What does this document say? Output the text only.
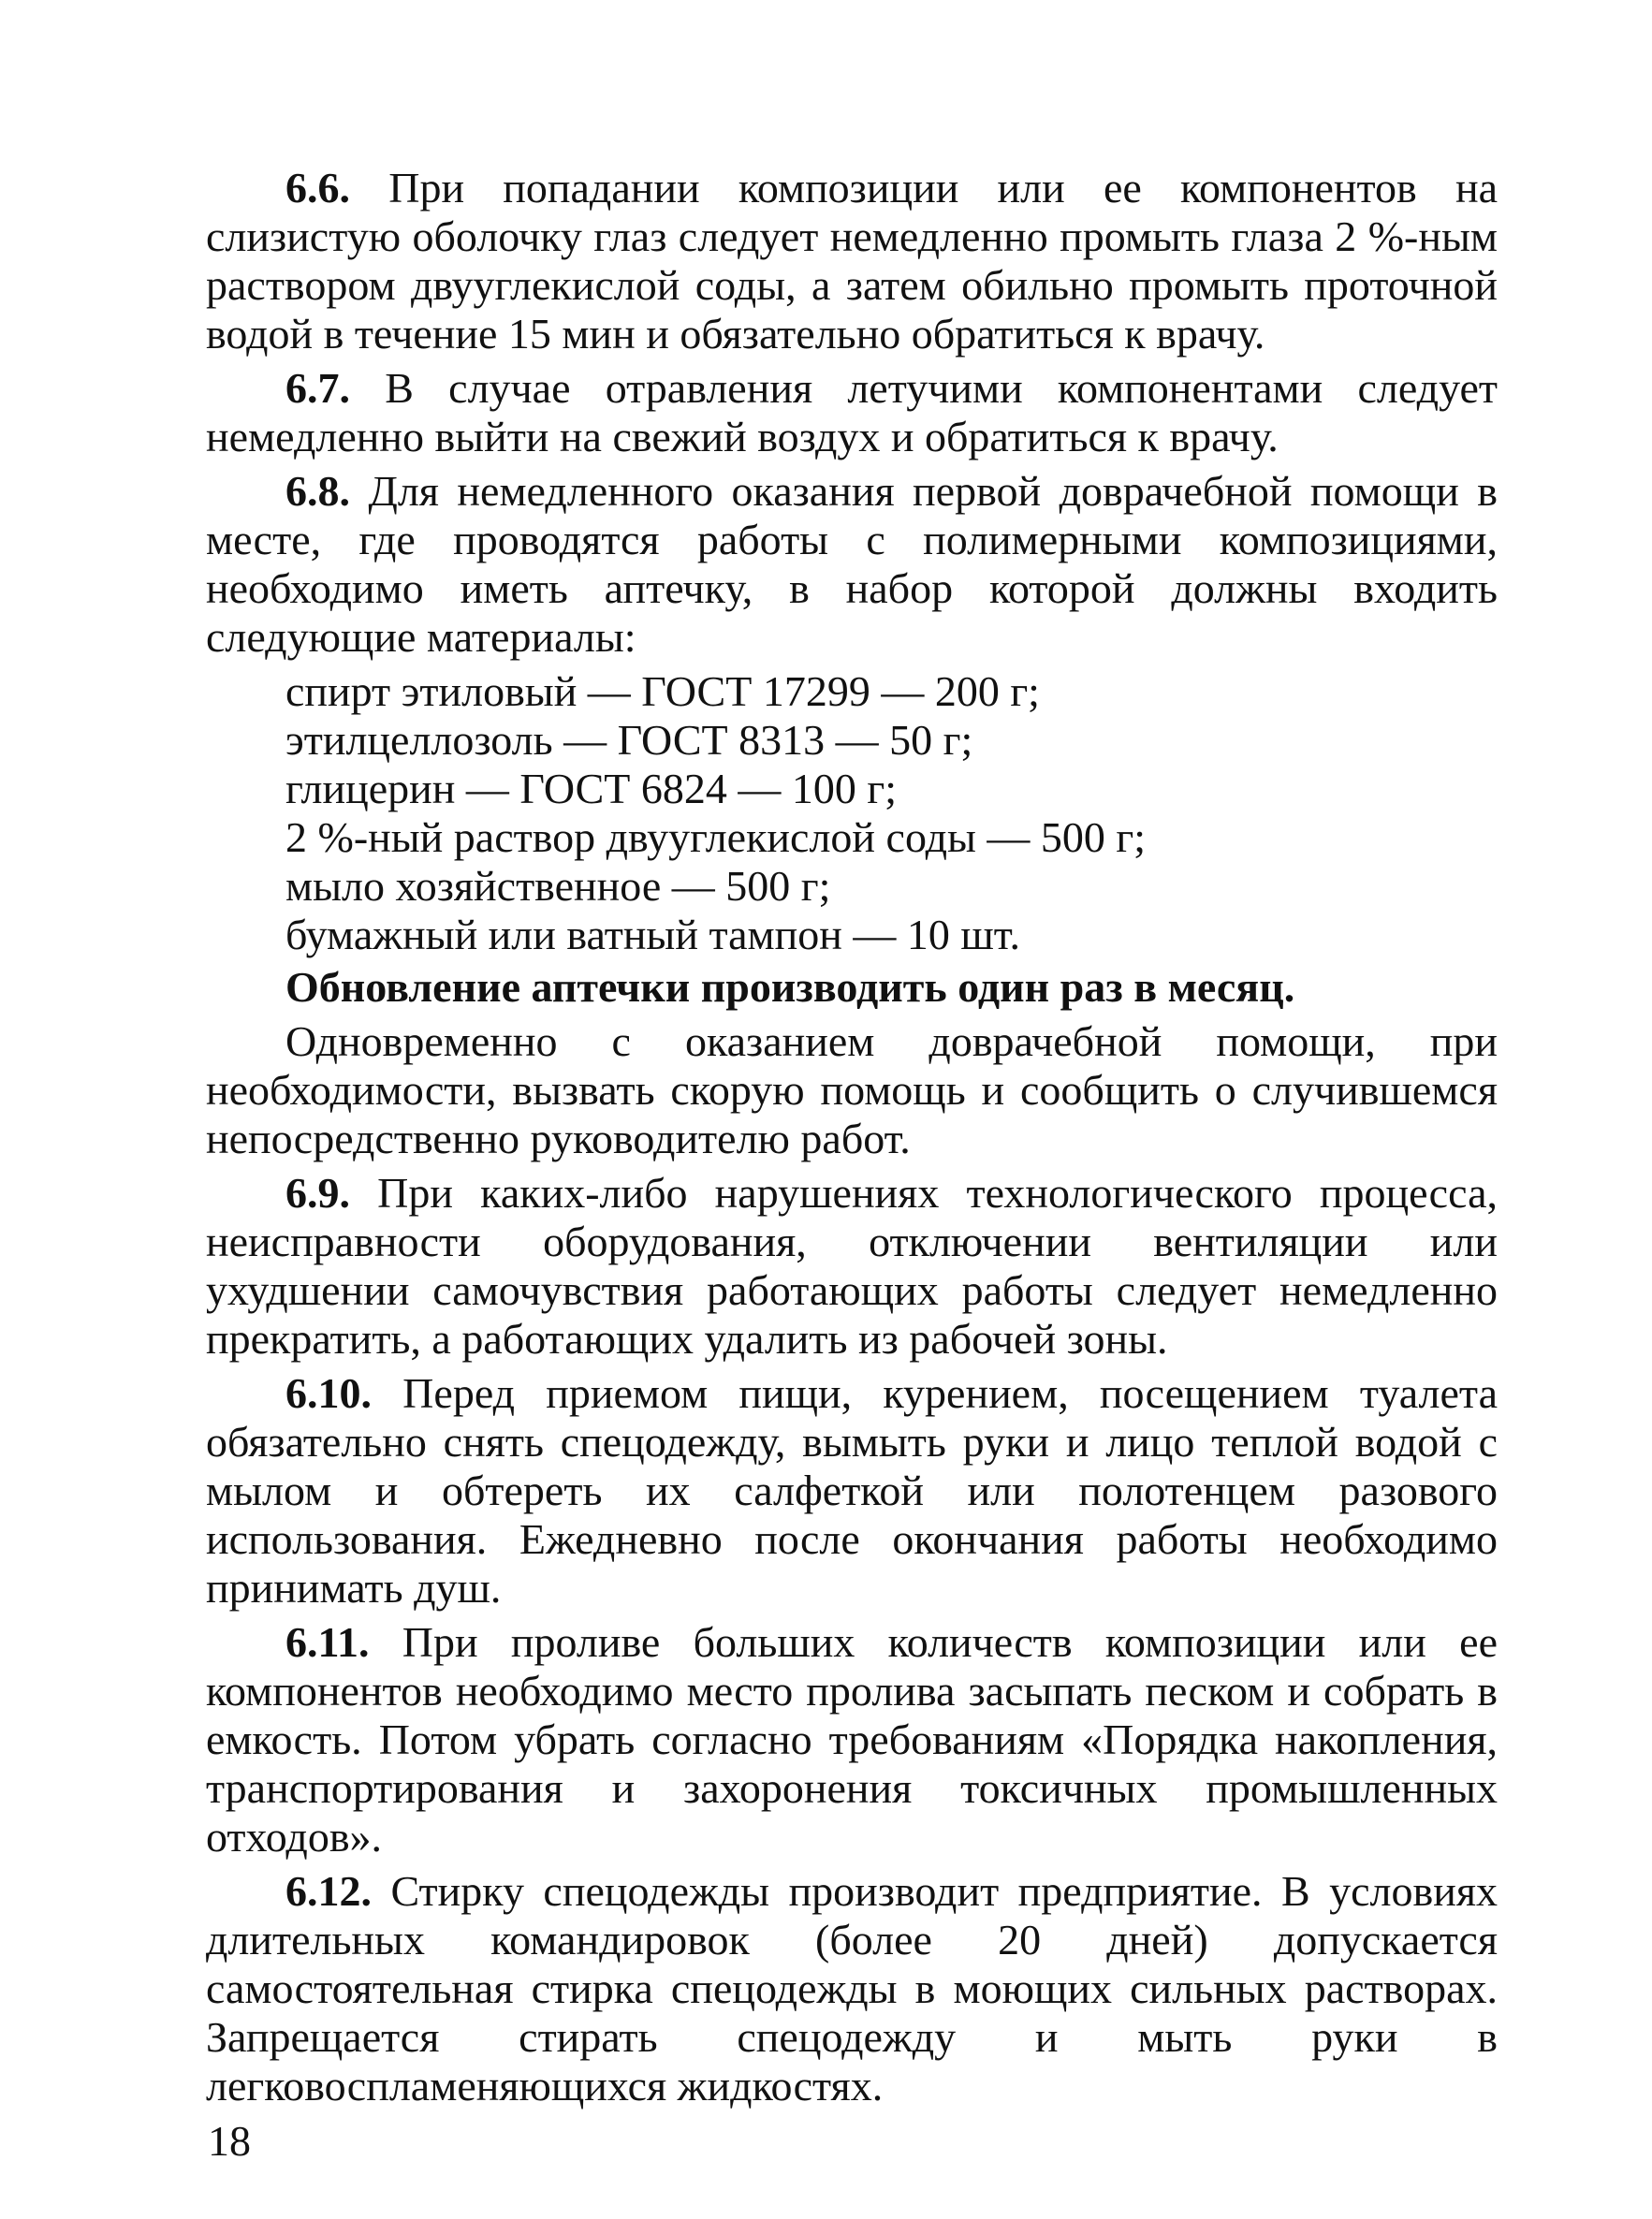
6.6. При попадании композиции или ее компонентов на слизистую оболочку глаз следует немедленно промыть глаза 2 %-ным раствором двууглекислой соды, а затем обильно промыть проточной водой в течение 15 мин и обязательно обратиться к врачу.

6.7. В случае отравления летучими компонентами следует немедленно выйти на свежий воздух и обратиться к врачу.

6.8. Для немедленного оказания первой доврачебной помощи в месте, где проводятся работы с полимерными композициями, необходимо иметь аптечку, в набор которой должны входить следующие материалы:

спирт этиловый — ГОСТ 17299 — 200 г;
этилцеллозоль — ГОСТ 8313 — 50 г;
глицерин — ГОСТ 6824 — 100 г;
2 %-ный раствор двууглекислой соды — 500 г;
мыло хозяйственное — 500 г;
бумажный или ватный тампон — 10 шт.

Обновление аптечки производить один раз в месяц.

Одновременно с оказанием доврачебной помощи, при необходимости, вызвать скорую помощь и сообщить о случившемся непосредственно руководителю работ.

6.9. При каких-либо нарушениях технологического процесса, неисправности оборудования, отключении вентиляции или ухудшении самочувствия работающих работы следует немедленно прекратить, а работающих удалить из рабочей зоны.

6.10. Перед приемом пищи, курением, посещением туалета обязательно снять спецодежду, вымыть руки и лицо теплой водой с мылом и обтереть их салфеткой или полотенцем разового использования. Ежедневно после окончания работы необходимо принимать душ.

6.11. При проливе больших количеств композиции или ее компонентов необходимо место пролива засыпать песком и собрать в емкость. Потом убрать согласно требованиям «Порядка накопления, транспортирования и захоронения токсичных промышленных отходов».

6.12. Стирку спецодежды производит предприятие. В условиях длительных командировок (более 20 дней) допускается самостоятельная стирка спецодежды в моющих сильных растворах. Запрещается стирать спецодежду и мыть руки в легковоспламеняющихся жидкостях.

18
